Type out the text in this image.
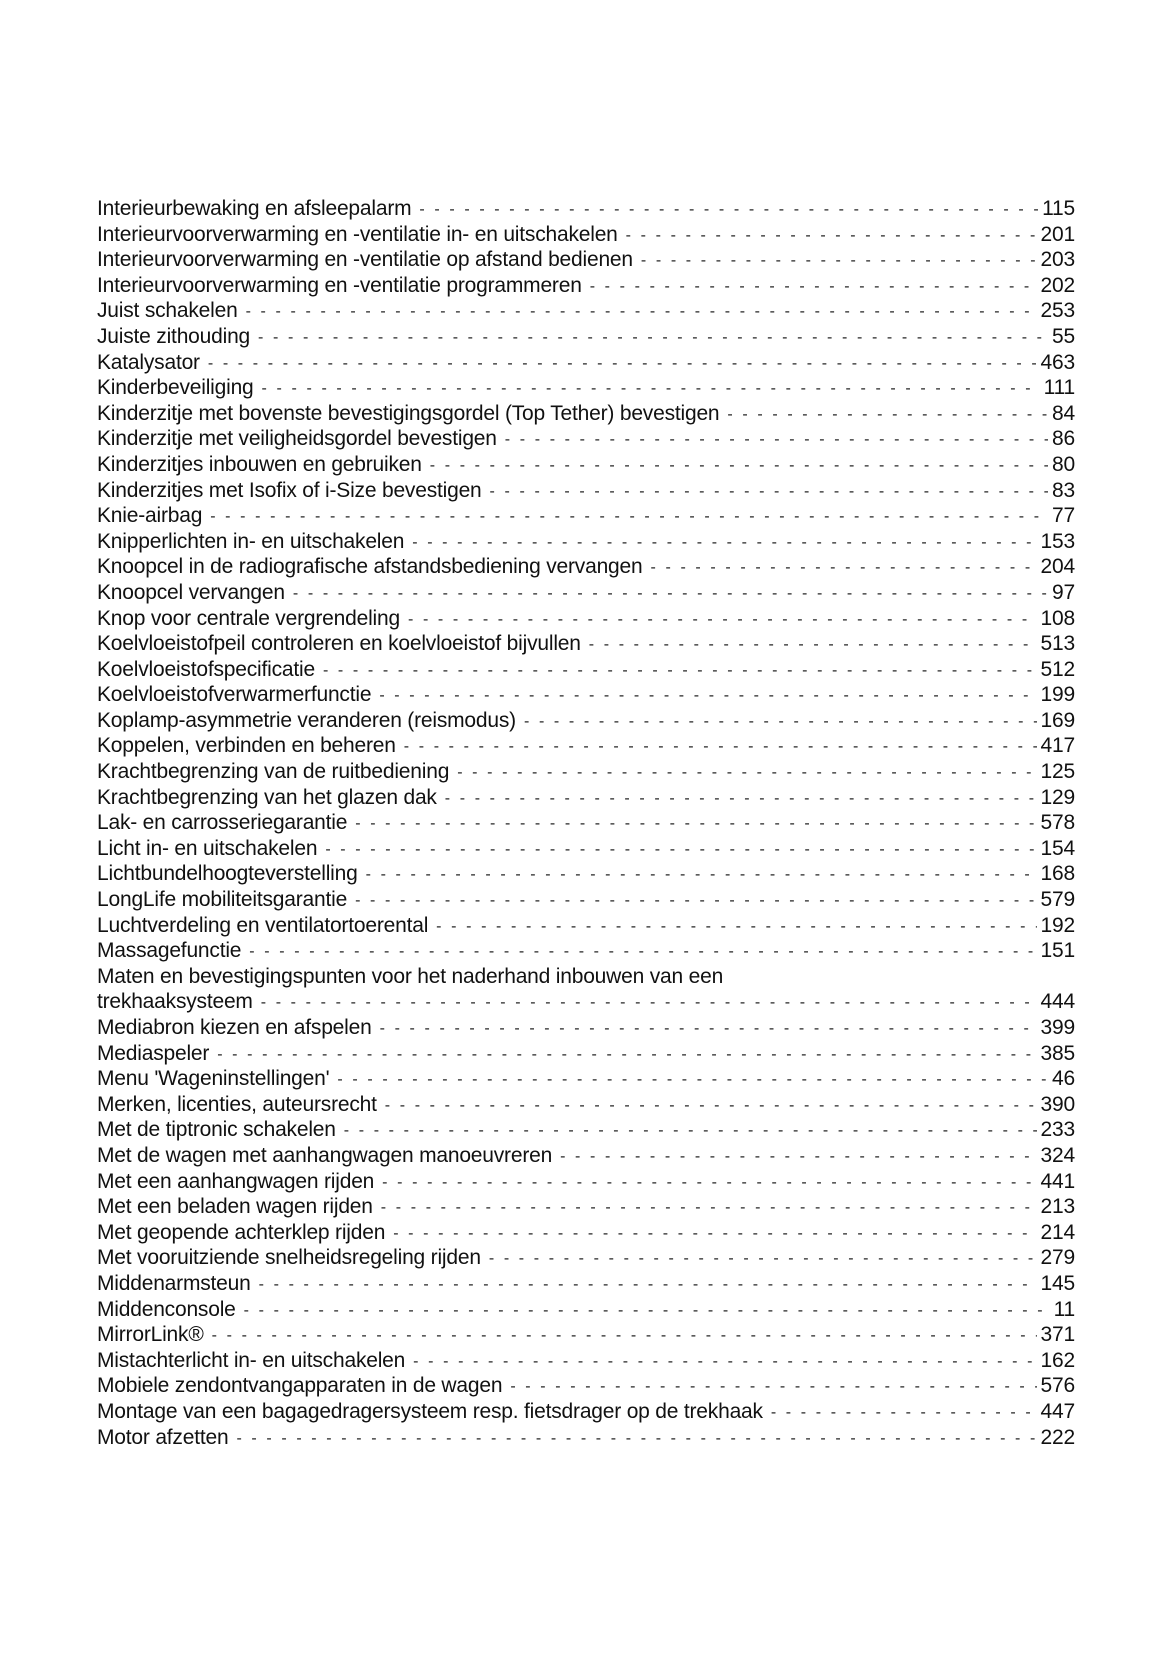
Interieurbewaking en afsleepalarm - - -	115
Interieurvoorverwarming en -ventilatie in- en uitschakelen - - -	201
Interieurvoorverwarming en -ventilatie op afstand bedienen - - -	203
Interieurvoorverwarming en -ventilatie programmeren - - -	202
Juist schakelen - - -	253
Juiste zithouding - - -	55
Katalysator - - -	463
Kinderbeveiliging - - -	111
Kinderzitje met bovenste bevestigingsgordel (Top Tether) bevestigen - - -	84
Kinderzitje met veiligheidsgordel bevestigen - - -	86
Kinderzitjes inbouwen en gebruiken - - -	80
Kinderzitjes met Isofix of i-Size bevestigen - - -	83
Knie-airbag - - -	77
Knipperlichten in- en uitschakelen - - -	153
Knoopcel in de radiografische afstandsbediening vervangen - - -	204
Knoopcel vervangen - - -	97
Knop voor centrale vergrendeling - - -	108
Koelvloeistofpeil controleren en koelvloeistof bijvullen - - -	513
Koelvloeistofspecificatie - - -	512
Koelvloeistofverwarmerfunctie - - -	199
Koplamp-asymmetrie veranderen (reismodus) - - -	169
Koppelen, verbinden en beheren - - -	417
Krachtbegrenzing van de ruitbediening - - -	125
Krachtbegrenzing van het glazen dak - - -	129
Lak- en carrosseriegarantie - - -	578
Licht in- en uitschakelen - - -	154
Lichtbundelhoogteverstelling - - -	168
LongLife mobiliteitsgarantie - - -	579
Luchtverdeling en ventilatortoerental - - -	192
Massagefunctie - - -	151
Maten en bevestigingspunten voor het naderhand inbouwen van een
trekhaaksysteem - - -	444
Mediabron kiezen en afspelen - - -	399
Mediaspeler - - -	385
Menu 'Wageninstellingen' - - -	46
Merken, licenties, auteursrecht - - -	390
Met de tiptronic schakelen - - -	233
Met de wagen met aanhangwagen manoeuvreren - - -	324
Met een aanhangwagen rijden - - -	441
Met een beladen wagen rijden - - -	213
Met geopende achterklep rijden - - -	214
Met vooruitziende snelheidsregeling rijden - - -	279
Middenarmsteun - - -	145
Middenconsole - - -	11
MirrorLink® - - -	371
Mistachterlicht in- en uitschakelen - - -	162
Mobiele zendontvangapparaten in de wagen - - -	576
Montage van een bagagedragersysteem resp. fietsdrager op de trekhaak - - -	447
Motor afzetten - - -	222
